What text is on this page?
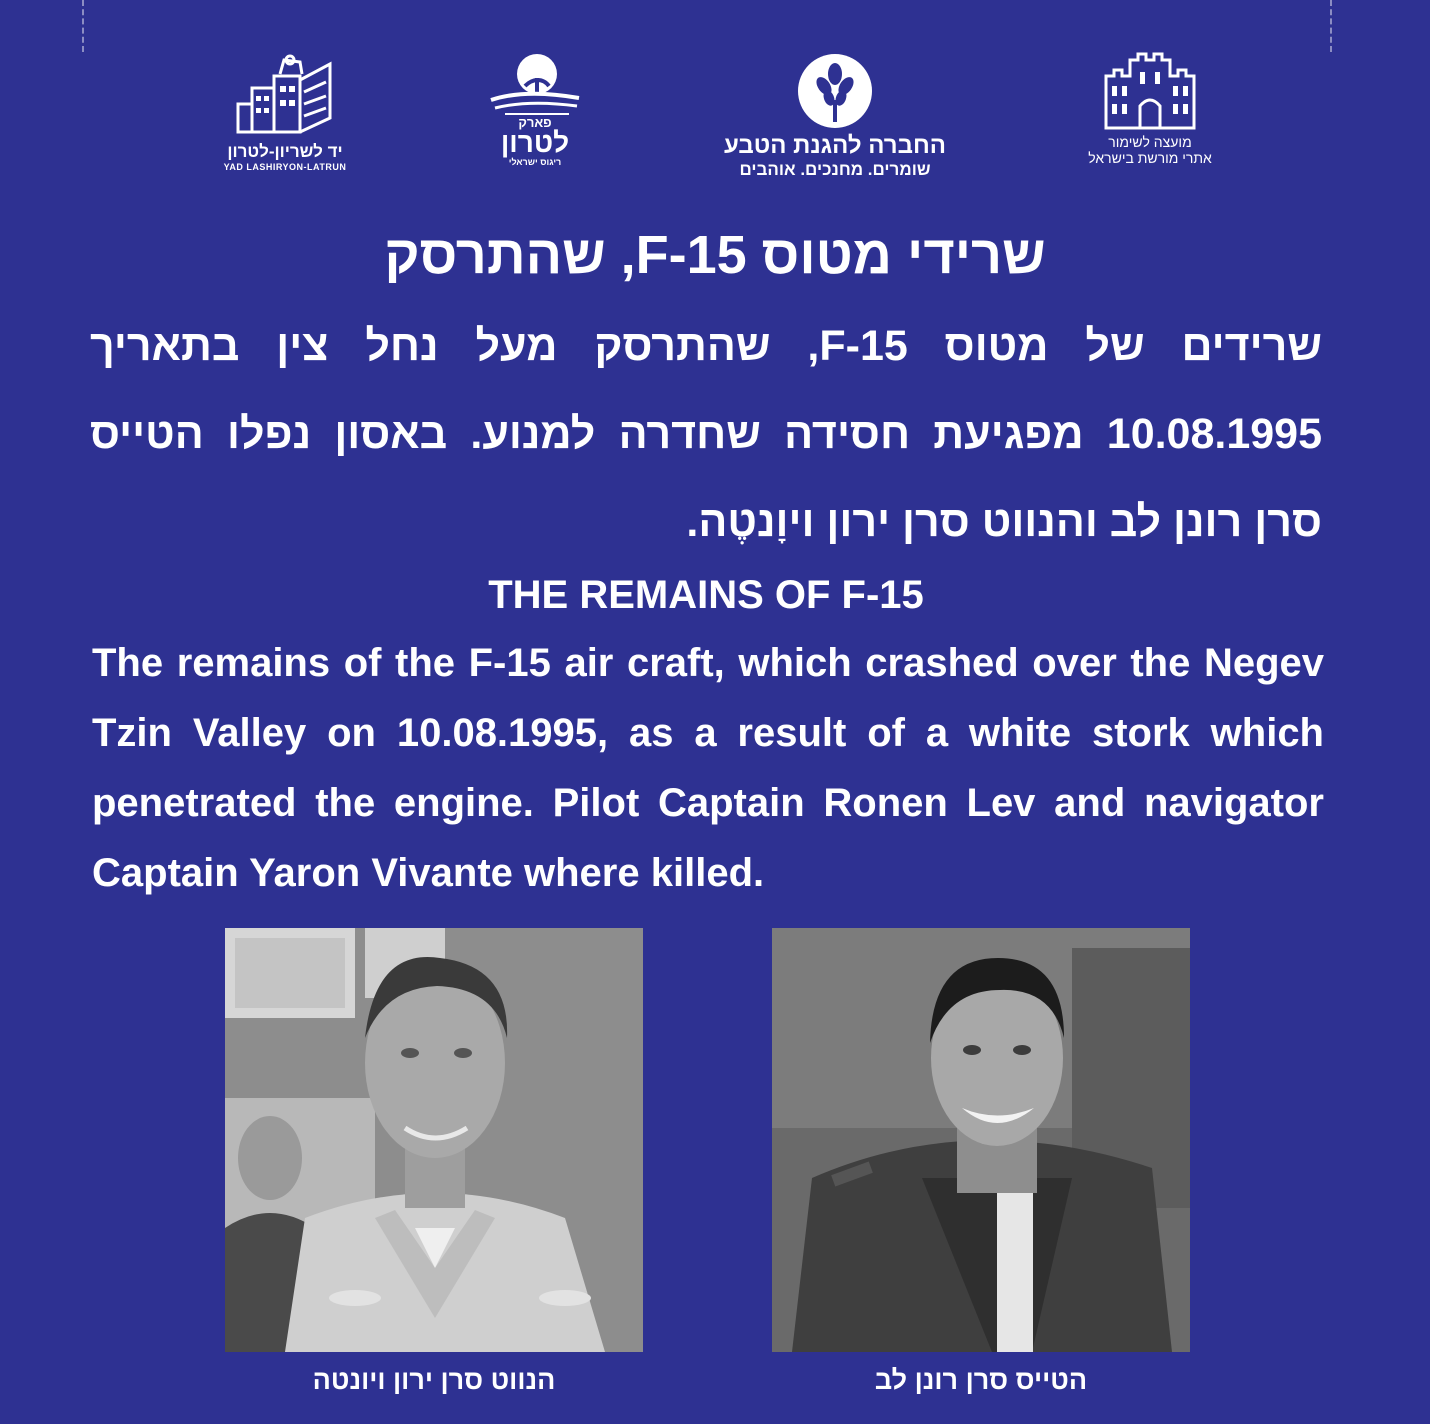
יד לשריון-לטרון
YAD LASHIRYON-LATRUN
פארק
לטרון
ריגוס ישראלי
החברה להגנת הטבע
שומרים. מחנכים. אוהבים
מועצה לשימור
אתרי מורשת בישראל
שרידי מטוס F-15, שהתרסק

שרידים של מטוס F-15, שהתרסק מעל נחל צין בתאריך 10.08.1995 מפגיעת חסידה שחדרה למנוע. באסון נפלו הטייס סרן רונן לב והנווט סרן ירון ויוָנטֶה.

THE REMAINS OF F-15

The remains of the F-15 air craft, which crashed over the Negev Tzin Valley on 10.08.1995, as a result of a white stork which penetrated the engine. Pilot Captain Ronen Lev and navigator Captain Yaron Vivante where killed.

הנווט סרן ירון ויונטה	הטייס סרן רונן לב
